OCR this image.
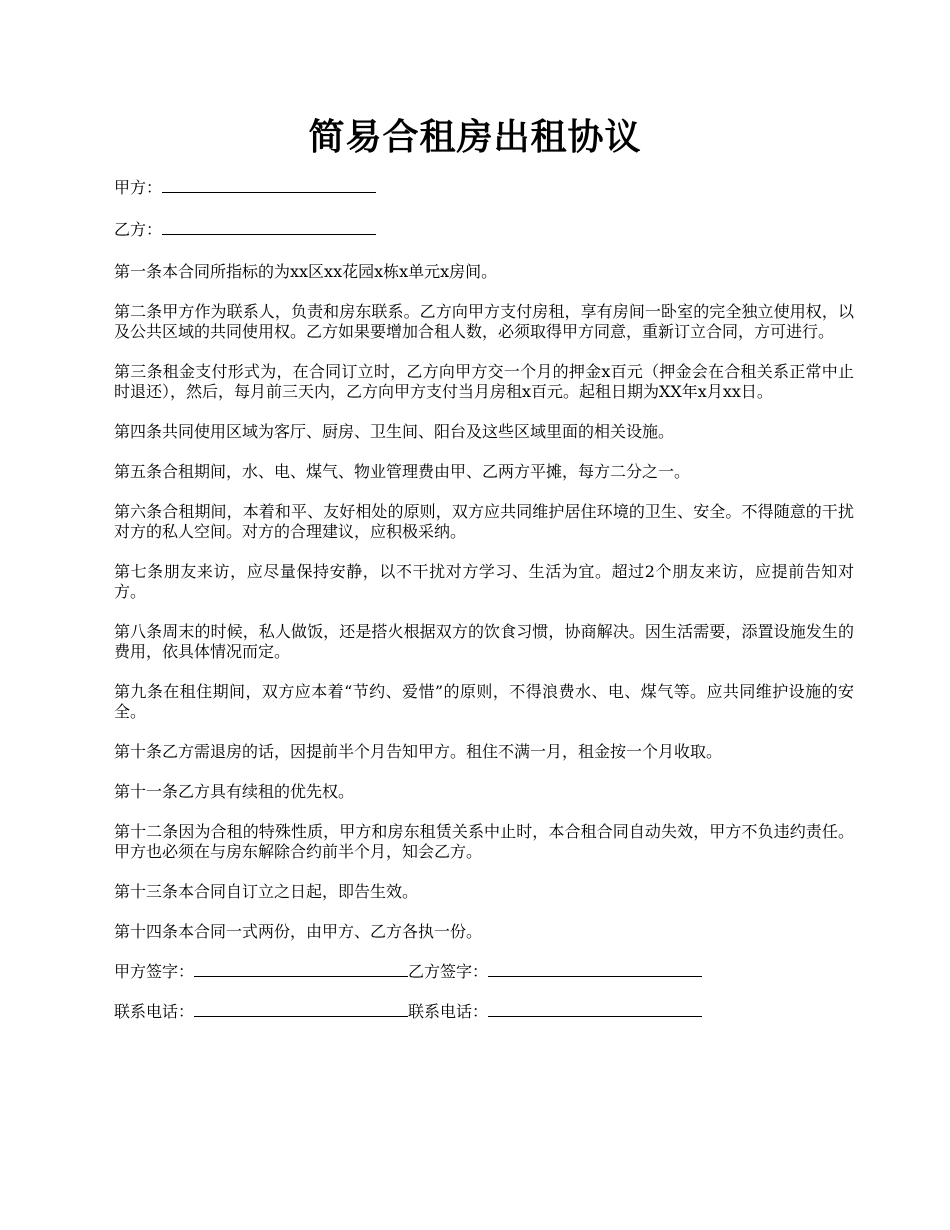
简易合租房出租协议
甲方：
乙方：

第一条本合同所指标的为xx区xx花园x栋x单元x房间。

第二条甲方作为联系人，负责和房东联系。乙方向甲方支付房租，享有房间一卧室的完全独立使用权，以及公共区域的共同使用权。乙方如果要增加合租人数，必须取得甲方同意，重新订立合同，方可进行。

第三条租金支付形式为，在合同订立时，乙方向甲方交一个月的押金x百元（押金会在合租关系正常中止时退还），然后，每月前三天内，乙方向甲方支付当月房租x百元。起租日期为XX年x月xx日。

第四条共同使用区域为客厅、厨房、卫生间、阳台及这些区域里面的相关设施。

第五条合租期间，水、电、煤气、物业管理费由甲、乙两方平摊，每方二分之一。

第六条合租期间，本着和平、友好相处的原则，双方应共同维护居住环境的卫生、安全。不得随意的干扰对方的私人空间。对方的合理建议，应积极采纳。

第七条朋友来访，应尽量保持安静，以不干扰对方学习、生活为宜。超过2个朋友来访，应提前告知对方。

第八条周末的时候，私人做饭，还是搭火根据双方的饮食习惯，协商解决。因生活需要，添置设施发生的费用，依具体情况而定。

第九条在租住期间，双方应本着“节约、爱惜”的原则，不得浪费水、电、煤气等。应共同维护设施的安全。

第十条乙方需退房的话，因提前半个月告知甲方。租住不满一月，租金按一个月收取。

第十一条乙方具有续租的优先权。

第十二条因为合租的特殊性质，甲方和房东租赁关系中止时，本合租合同自动失效，甲方不负违约责任。甲方也必须在与房东解除合约前半个月，知会乙方。

第十三条本合同自订立之日起，即告生效。

第十四条本合同一式两份，由甲方、乙方各执一份。

甲方签字：	乙方签字：
联系电话：	联系电话：
